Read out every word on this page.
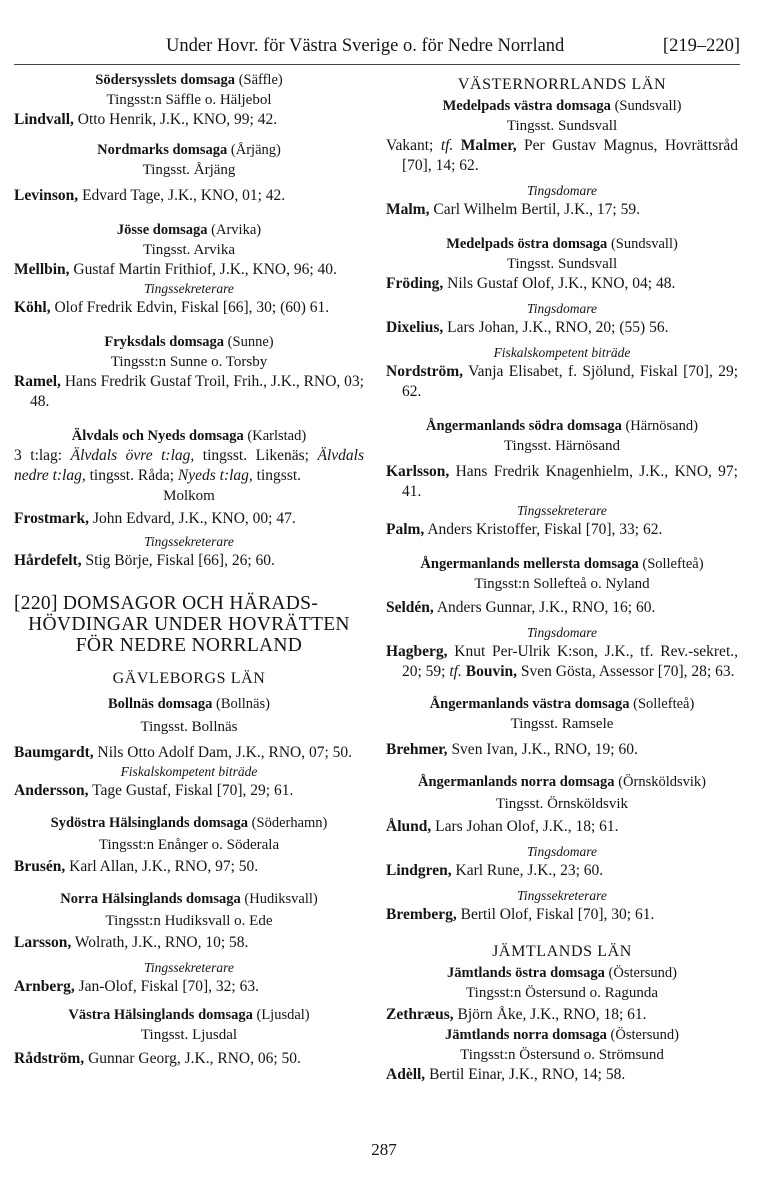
Under Hovr. för Västra Sverige o. för Nedre Norrland	[219–220]
Södersysslets domsaga (Säffle)
Tingsst:n Säffle o. Häljebol
Lindvall, Otto Henrik, J.K., KNO, 99; 42.
Nordmarks domsaga (Årjäng)
Tingsst. Årjäng
Levinson, Edvard Tage, J.K., KNO, 01; 42.
Jösse domsaga (Arvika)
Tingsst. Arvika
Mellbin, Gustaf Martin Frithiof, J.K., KNO, 96; 40.
Tingssekreterare
Köhl, Olof Fredrik Edvin, Fiskal [66], 30; (60) 61.
Fryksdals domsaga (Sunne)
Tingsst:n Sunne o. Torsby
Ramel, Hans Fredrik Gustaf Troil, Frih., J.K., RNO, 03; 48.
Älvdals och Nyeds domsaga (Karlstad)
3 t:lag: Älvdals övre t:lag, tingsst. Likenäs; Älvdals nedre t:lag, tingsst. Råda; Nyeds t:lag, tingsst.
Molkom
Frostmark, John Edvard, J.K., KNO, 00; 47.
Tingssekreterare
Hårdefelt, Stig Börje, Fiskal [66], 26; 60.
[220] DOMSAGOR OCH HÄRADS-
HÖVDINGAR UNDER HOVRÄTTEN
FÖR NEDRE NORRLAND
GÄVLEBORGS LÄN
Bollnäs domsaga (Bollnäs)
Tingsst. Bollnäs
Baumgardt, Nils Otto Adolf Dam, J.K., RNO, 07; 50.
Fiskalskompetent biträde
Andersson, Tage Gustaf, Fiskal [70], 29; 61.
Sydöstra Hälsinglands domsaga (Söderhamn)
Tingsst:n Enånger o. Söderala
Brusén, Karl Allan, J.K., RNO, 97; 50.
Norra Hälsinglands domsaga (Hudiksvall)
Tingsst:n Hudiksvall o. Ede
Larsson, Wolrath, J.K., RNO, 10; 58.
Tingssekreterare
Arnberg, Jan-Olof, Fiskal [70], 32; 63.
Västra Hälsinglands domsaga (Ljusdal)
Tingsst. Ljusdal
Rådström, Gunnar Georg, J.K., RNO, 06; 50.
VÄSTERNORRLANDS LÄN
Medelpads västra domsaga (Sundsvall)
Tingsst. Sundsvall
Vakant; tf. Malmer, Per Gustav Magnus, Hovrättsråd [70], 14; 62.
Tingsdomare
Malm, Carl Wilhelm Bertil, J.K., 17; 59.
Medelpads östra domsaga (Sundsvall)
Tingsst. Sundsvall
Fröding, Nils Gustaf Olof, J.K., KNO, 04; 48.
Tingsdomare
Dixelius, Lars Johan, J.K., RNO, 20; (55) 56.
Fiskalskompetent biträde
Nordström, Vanja Elisabet, f. Sjölund, Fiskal [70], 29; 62.
Ångermanlands södra domsaga (Härnösand)
Tingsst. Härnösand
Karlsson, Hans Fredrik Knagenhielm, J.K., KNO, 97; 41.
Tingssekreterare
Palm, Anders Kristoffer, Fiskal [70], 33; 62.
Ångermanlands mellersta domsaga (Sollefteå)
Tingsst:n Sollefteå o. Nyland
Seldén, Anders Gunnar, J.K., RNO, 16; 60.
Tingsdomare
Hagberg, Knut Per-Ulrik K:son, J.K., tf. Rev.-sekret., 20; 59; tf. Bouvin, Sven Gösta, Assessor [70], 28; 63.
Ångermanlands västra domsaga (Sollefteå)
Tingsst. Ramsele
Brehmer, Sven Ivan, J.K., RNO, 19; 60.
Ångermanlands norra domsaga (Örnsköldsvik)
Tingsst. Örnsköldsvik
Ålund, Lars Johan Olof, J.K., 18; 61.
Tingsdomare
Lindgren, Karl Rune, J.K., 23; 60.
Tingssekreterare
Bremberg, Bertil Olof, Fiskal [70], 30; 61.
JÄMTLANDS LÄN
Jämtlands östra domsaga (Östersund)
Tingsst:n Östersund o. Ragunda
Zethræus, Björn Åke, J.K., RNO, 18; 61.
Jämtlands norra domsaga (Östersund)
Tingsst:n Östersund o. Strömsund
Adèll, Bertil Einar, J.K., RNO, 14; 58.
287
